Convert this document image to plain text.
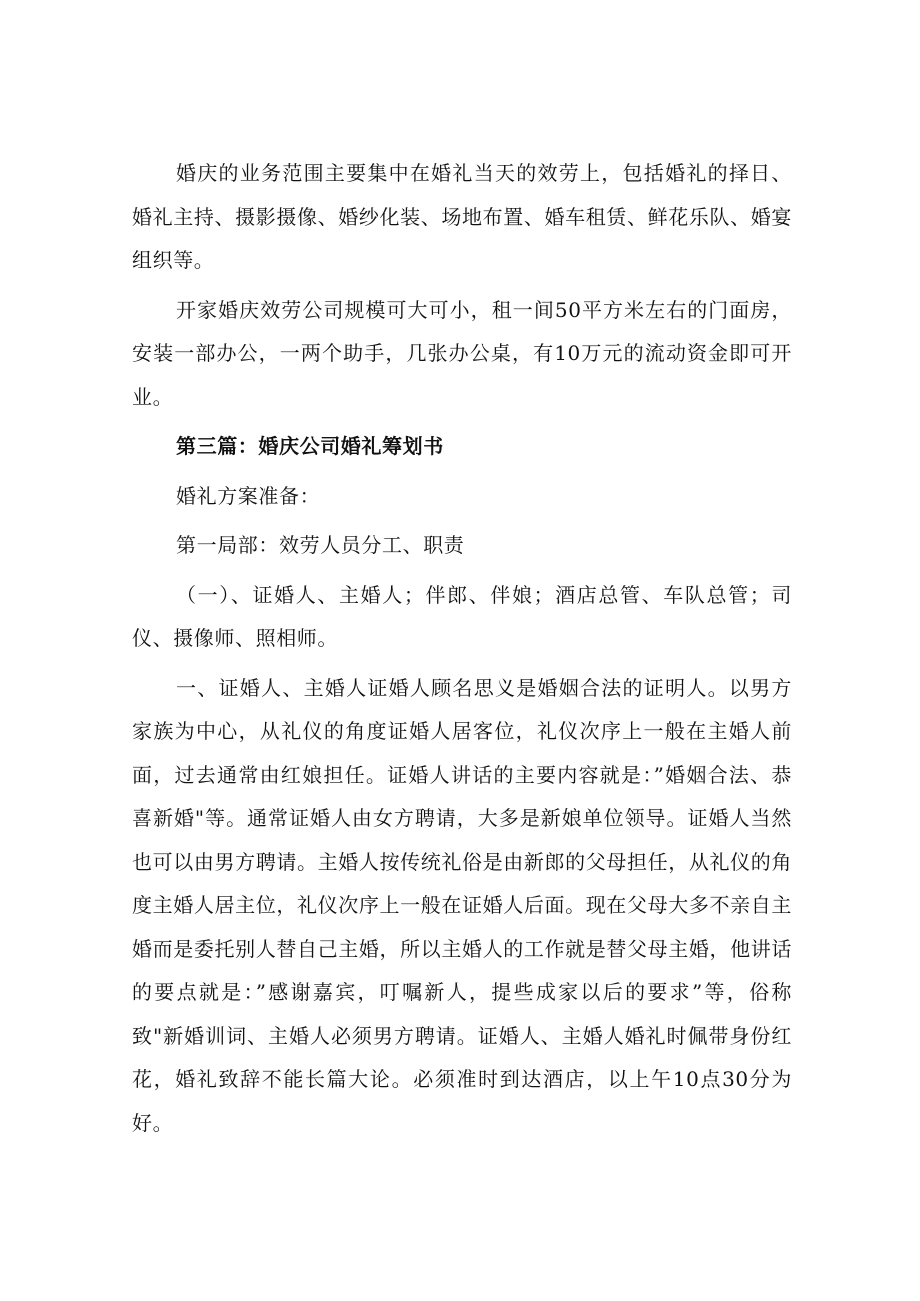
婚庆的业务范围主要集中在婚礼当天的效劳上，包括婚礼的择日、婚礼主持、摄影摄像、婚纱化装、场地布置、婚车租赁、鲜花乐队、婚宴组织等。

开家婚庆效劳公司规模可大可小，租一间50平方米左右的门面房，安装一部办公，一两个助手，几张办公桌，有10万元的流动资金即可开业。

第三篇：婚庆公司婚礼筹划书

婚礼方案准备：

第一局部：效劳人员分工、职责

（一）、证婚人、主婚人；伴郎、伴娘；酒店总管、车队总管；司仪、摄像师、照相师。

一、证婚人、主婚人证婚人顾名思义是婚姻合法的证明人。以男方家族为中心，从礼仪的角度证婚人居客位，礼仪次序上一般在主婚人前面，过去通常由红娘担任。证婚人讲话的主要内容就是：”婚姻合法、恭喜新婚"等。通常证婚人由女方聘请，大多是新娘单位领导。证婚人当然也可以由男方聘请。主婚人按传统礼俗是由新郎的父母担任，从礼仪的角度主婚人居主位，礼仪次序上一般在证婚人后面。现在父母大多不亲自主婚而是委托别人替自己主婚，所以主婚人的工作就是替父母主婚，他讲话的要点就是：”感谢嘉宾，叮嘱新人，提些成家以后的要求”等，俗称致"新婚训词、主婚人必须男方聘请。证婚人、主婚人婚礼时佩带身份红花，婚礼致辞不能长篇大论。必须准时到达酒店，以上午10点30分为好。
